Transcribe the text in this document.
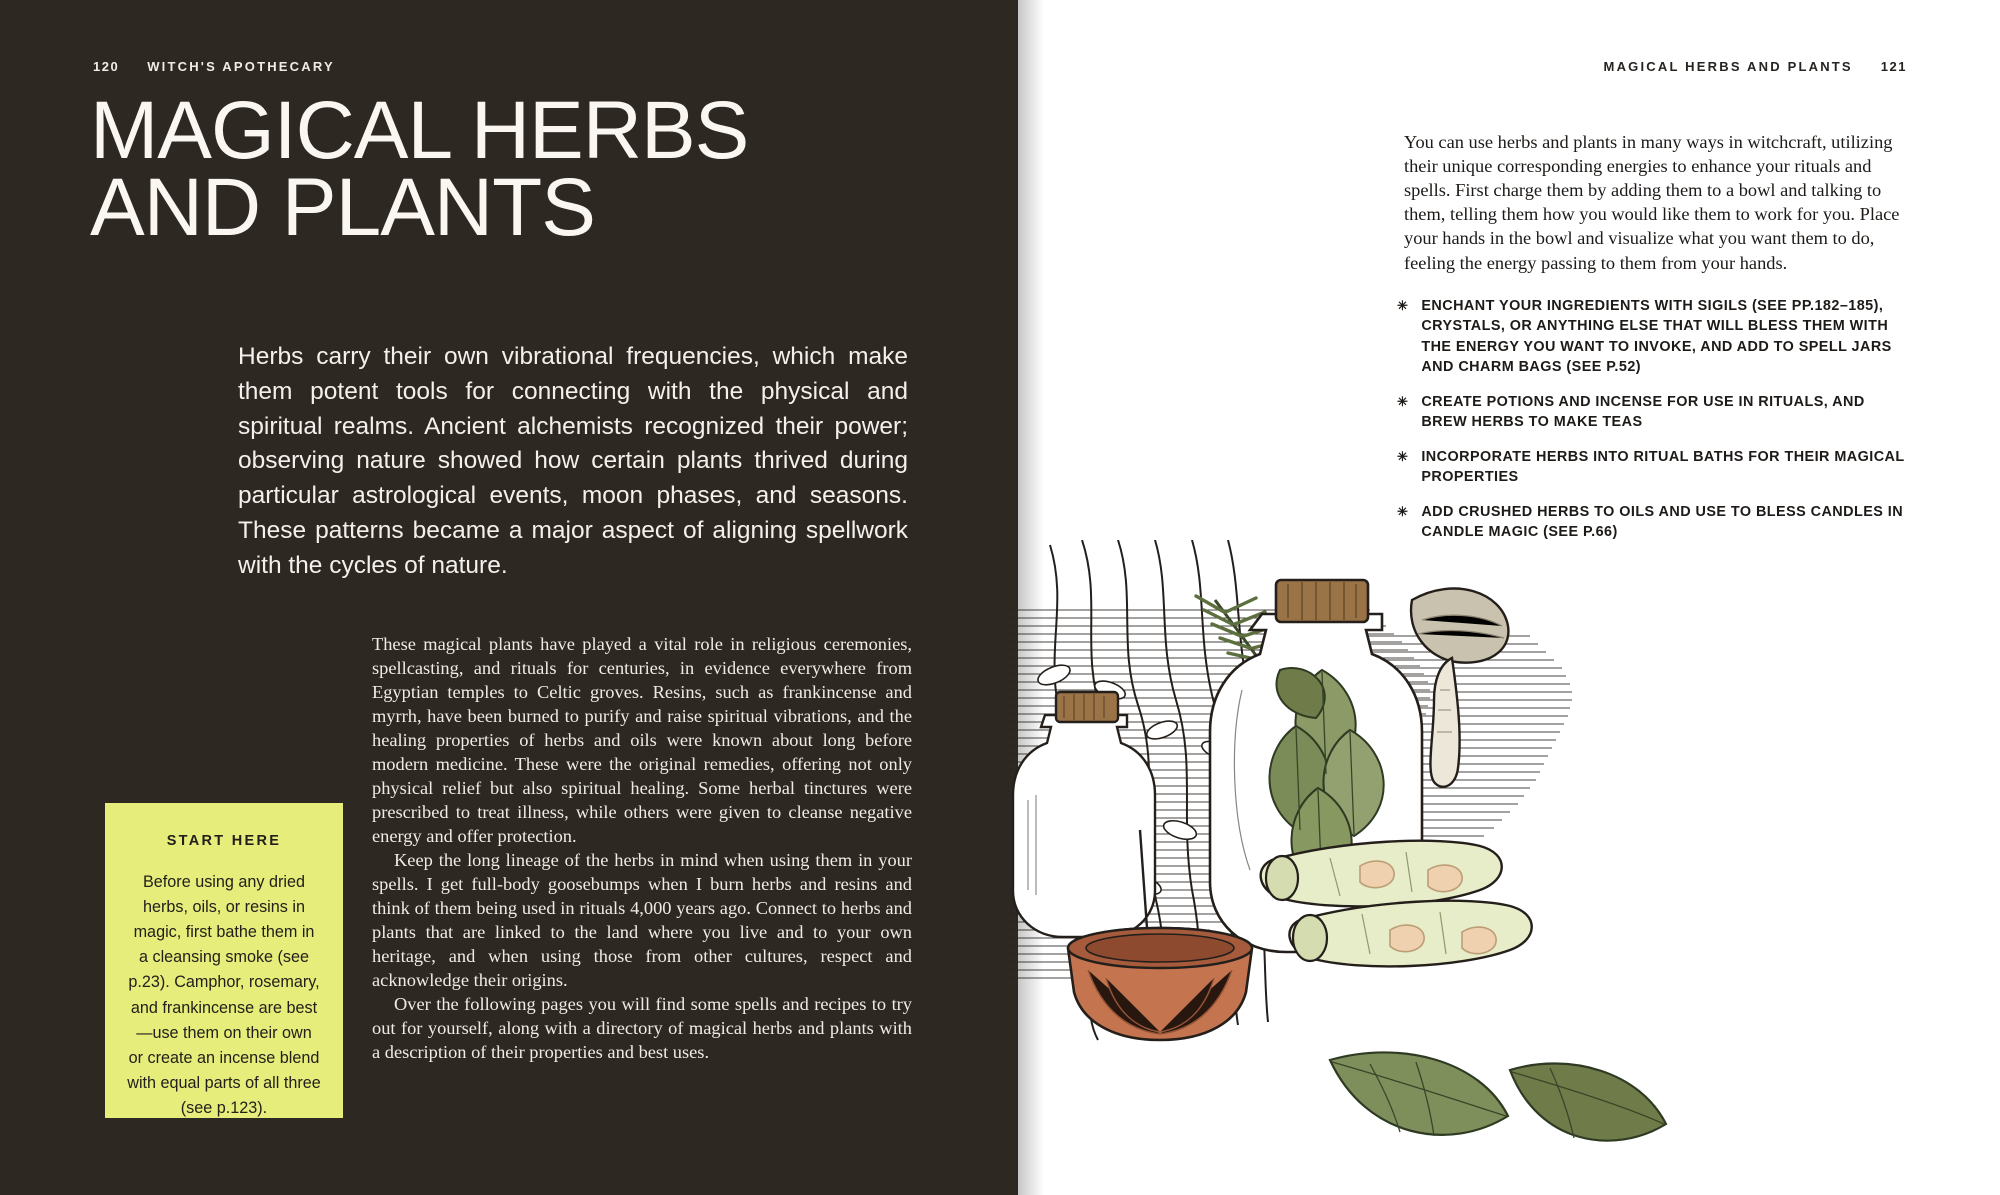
120 WITCH'S APOTHECARY
MAGICAL HERBS AND PLANTS
Herbs carry their own vibrational frequencies, which make them potent tools for connecting with the physical and spiritual realms. Ancient alchemists recognized their power; observing nature showed how certain plants thrived during particular astrological events, moon phases, and seasons. These patterns became a major aspect of aligning spellwork with the cycles of nature.

These magical plants have played a vital role in religious ceremonies, spellcasting, and rituals for centuries, in evidence everywhere from Egyptian temples to Celtic groves. Resins, such as frankincense and myrrh, have been burned to purify and raise spiritual vibrations, and the healing properties of herbs and oils were known about long before modern medicine. These were the original remedies, offering not only physical relief but also spiritual healing. Some herbal tinctures were prescribed to treat illness, while others were given to cleanse negative energy and offer protection.

Keep the long lineage of the herbs in mind when using them in your spells. I get full-body goosebumps when I burn herbs and resins and think of them being used in rituals 4,000 years ago. Connect to herbs and plants that are linked to the land where you live and to your own heritage, and when using those from other cultures, respect and acknowledge their origins.

Over the following pages you will find some spells and recipes to try out for yourself, along with a directory of magical herbs and plants with a description of their properties and best uses.

START HERE
Before using any dried herbs, oils, or resins in magic, first bathe them in a cleansing smoke (see p.23). Camphor, rosemary, and frankincense are best—use them on their own or create an incense blend with equal parts of all three (see p.123).
MAGICAL HERBS AND PLANTS 121
You can use herbs and plants in many ways in witchcraft, utilizing their unique corresponding energies to enhance your rituals and spells. First charge them by adding them to a bowl and talking to them, telling them how you would like them to work for you. Place your hands in the bowl and visualize what you want them to do, feeling the energy passing to them from your hands.
✳ ENCHANT YOUR INGREDIENTS WITH SIGILS (SEE PP.182–185), CRYSTALS, OR ANYTHING ELSE THAT WILL BLESS THEM WITH THE ENERGY YOU WANT TO INVOKE, AND ADD TO SPELL JARS AND CHARM BAGS (SEE P.52)
✳ CREATE POTIONS AND INCENSE FOR USE IN RITUALS, AND BREW HERBS TO MAKE TEAS
✳ INCORPORATE HERBS INTO RITUAL BATHS FOR THEIR MAGICAL PROPERTIES
✳ ADD CRUSHED HERBS TO OILS AND USE TO BLESS CANDLES IN CANDLE MAGIC (SEE P.66)
